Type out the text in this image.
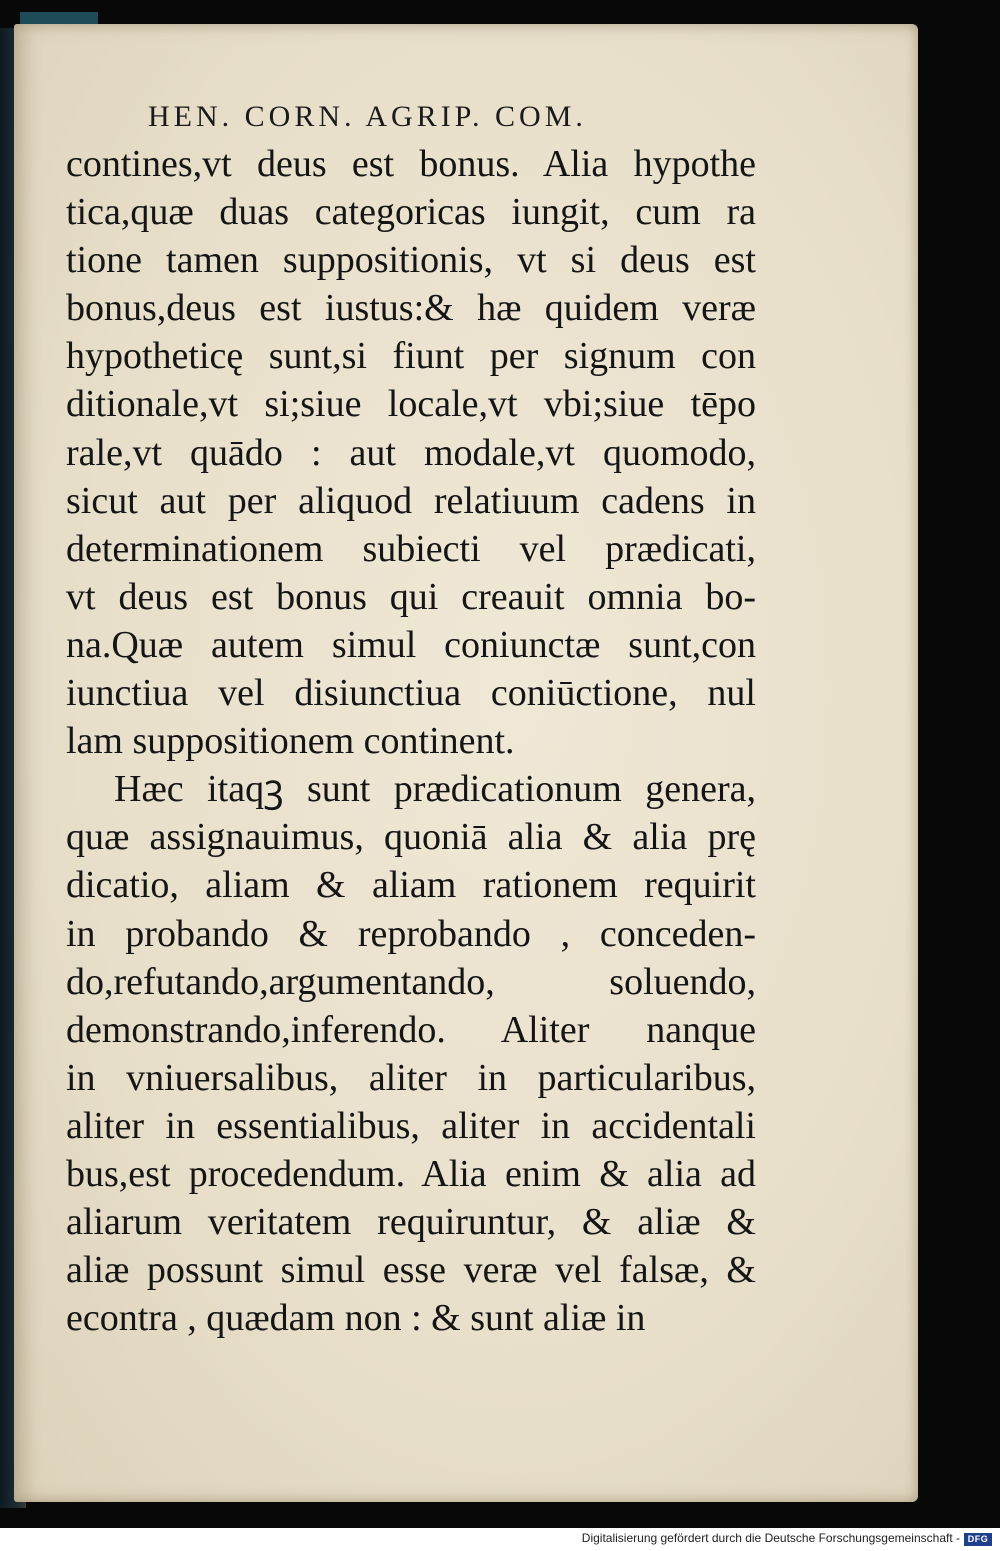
HEN. CORN. AGRIP. COM.
contines,vt deus est bonus. Alia hypothe
tica,quæ duas categoricas iungit, cum ra
tione tamen suppositionis, vt si deus est
bonus,deus est iustus:& hæ quidem veræ
hypotheticę sunt,si fiunt per signum con
ditionale,vt si;siue locale,vt vbi;siue tēpo
rale,vt quādo : aut modale,vt quomodo,
sicut aut per aliquod relatiuum cadens in
determinationem subiecti vel prædicati,
vt deus est bonus qui creauit omnia bo-
na.Quæ autem simul coniunctæ sunt,con
iunctiua vel disiunctiua coniūctione, nul
lam suppositionem continent.
Hæc itaqꝫ sunt prædicationum genera,
quæ assignauimus, quoniā alia & alia prę
dicatio, aliam & aliam rationem requirit
in probando & reprobando , conceden-
do,refutando,argumentando, soluendo,
demonstrando,inferendo. Aliter nanque
in vniuersalibus, aliter in particularibus,
aliter in essentialibus, aliter in accidentali
bus,est procedendum. Alia enim & alia ad
aliarum veritatem requiruntur, & aliæ &
aliæ possunt simul esse veræ vel falsæ, &
econtra , quædam non : & sunt aliæ in
Digitalisierung gefördert durch die Deutsche Forschungsgemeinschaft - DFG
